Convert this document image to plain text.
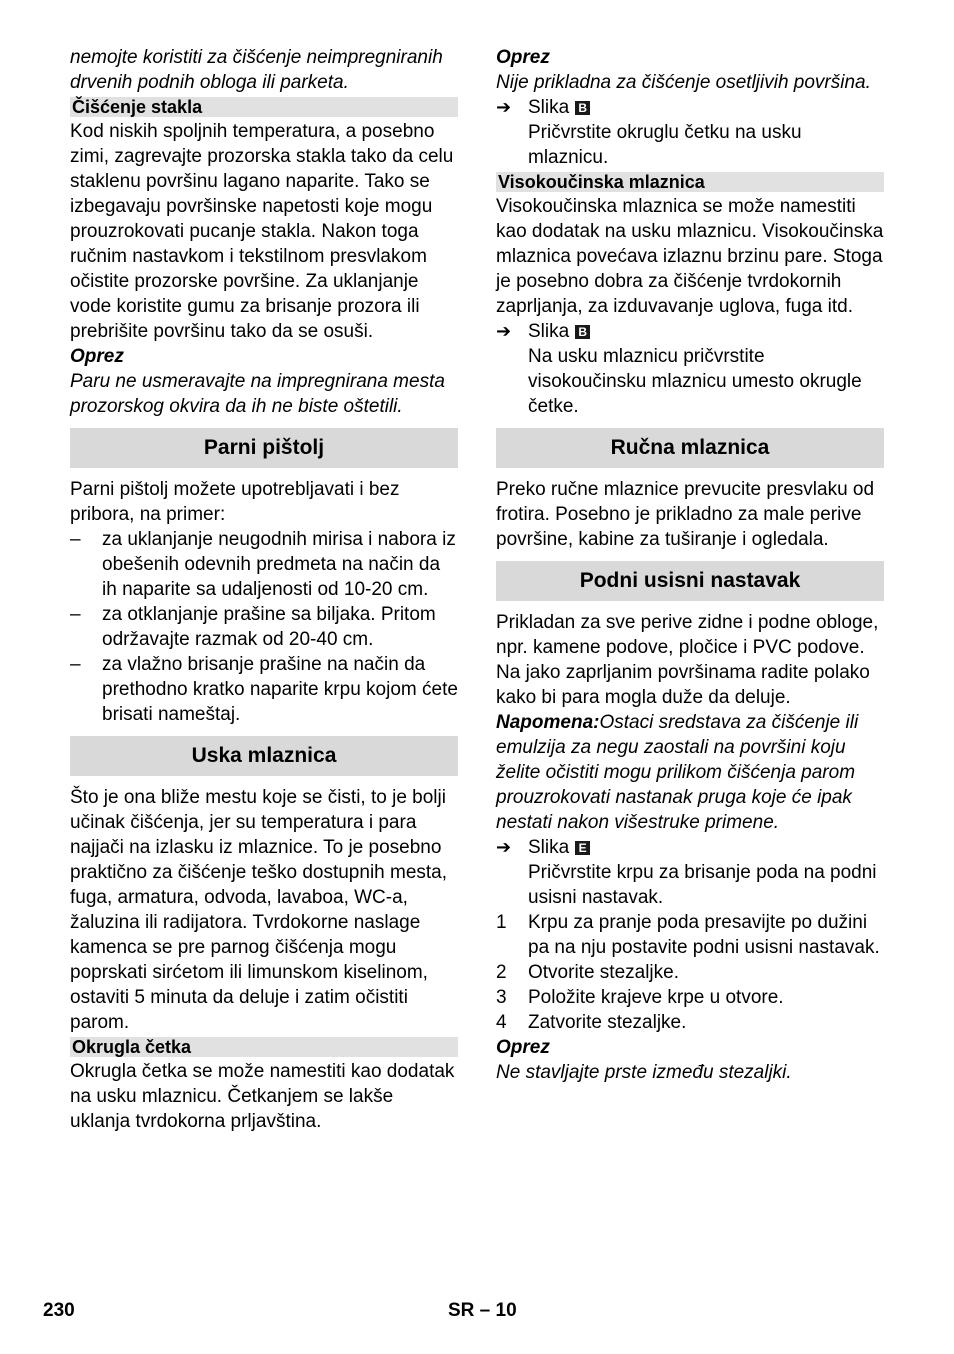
nemojte koristiti za čišćenje neimpregniranih drvenih podnih obloga ili parketa.

Čišćenje stakla

Kod niskih spoljnih temperatura, a posebno zimi, zagrevajte prozorska stakla tako da celu staklenu površinu lagano naparite. Tako se izbegavaju površinske napetosti koje mogu prouzrokovati pucanje stakla. Nakon toga ručnim nastavkom i tekstilnom presvlakom očistite prozorske površine. Za uklanjanje vode koristite gumu za brisanje prozora ili prebrišite površinu tako da se osuši.

Oprez

Paru ne usmeravajte na impregnirana mesta prozorskog okvira da ih ne biste oštetili.

Parni pištolj

Parni pištolj možete upotrebljavati i bez pribora, na primer:

–	za uklanjanje neugodnih mirisa i nabora iz obešenih odevnih predmeta na način da ih naparite sa udaljenosti od 10-20 cm.
–	za otklanjanje prašine sa biljaka. Pritom održavajte razmak od 20-40 cm.
–	za vlažno brisanje prašine na način da prethodno kratko naparite krpu kojom ćete brisati nameštaj.
Uska mlaznica

Što je ona bliže mestu koje se čisti, to je bolji učinak čišćenja, jer su temperatura i para najjači na izlasku iz mlaznice. To je posebno praktično za čišćenje teško dostupnih mesta, fuga, armatura, odvoda, lavaboa, WC-a, žaluzina ili radijatora. Tvrdokorne naslage kamenca se pre parnog čišćenja mogu poprskati sirćetom ili limunskom kiselinom, ostaviti 5 minuta da deluje i zatim očistiti parom.

Okrugla četka

Okrugla četka se može namestiti kao dodatak na usku mlaznicu. Četkanjem se lakše uklanja tvrdokorna prljavština.

Oprez

Nije prikladna za čišćenje osetljivih površina.

➔ Slika B
Pričvrstite okruglu četku na usku mlaznicu.
Visokoučinska mlaznica

Visokoučinska mlaznica se može namestiti kao dodatak na usku mlaznicu. Visokoučinska mlaznica povećava izlaznu brzinu pare. Stoga je posebno dobra za čišćenje tvrdokornih zaprljanja, za izduvavanje uglova, fuga itd.

➔ Slika B
Na usku mlaznicu pričvrstite visokoučinsku mlaznicu umesto okrugle četke.
Ručna mlaznica

Preko ručne mlaznice prevucite presvlaku od frotira. Posebno je prikladno za male perive površine, kabine za tuširanje i ogledala.

Podni usisni nastavak

Prikladan za sve perive zidne i podne obloge, npr. kamene podove, pločice i PVC podove. Na jako zaprljanim površinama radite polako kako bi para mogla duže da deluje.

Napomena:Ostaci sredstava za čišćenje ili emulzija za negu zaostali na površini koju želite očistiti mogu prilikom čišćenja parom prouzrokovati nastanak pruga koje će ipak nestati nakon višestruke primene.

➔ Slika E
Pričvrstite krpu za brisanje poda na podni usisni nastavak.
1	Krpu za pranje poda presavijte po dužini pa na nju postavite podni usisni nastavak.
2	Otvorite stezaljke.
3	Položite krajeve krpe u otvore.
4	Zatvorite stezaljke.

Oprez

Ne stavljajte prste između stezaljki.

230	SR – 10
